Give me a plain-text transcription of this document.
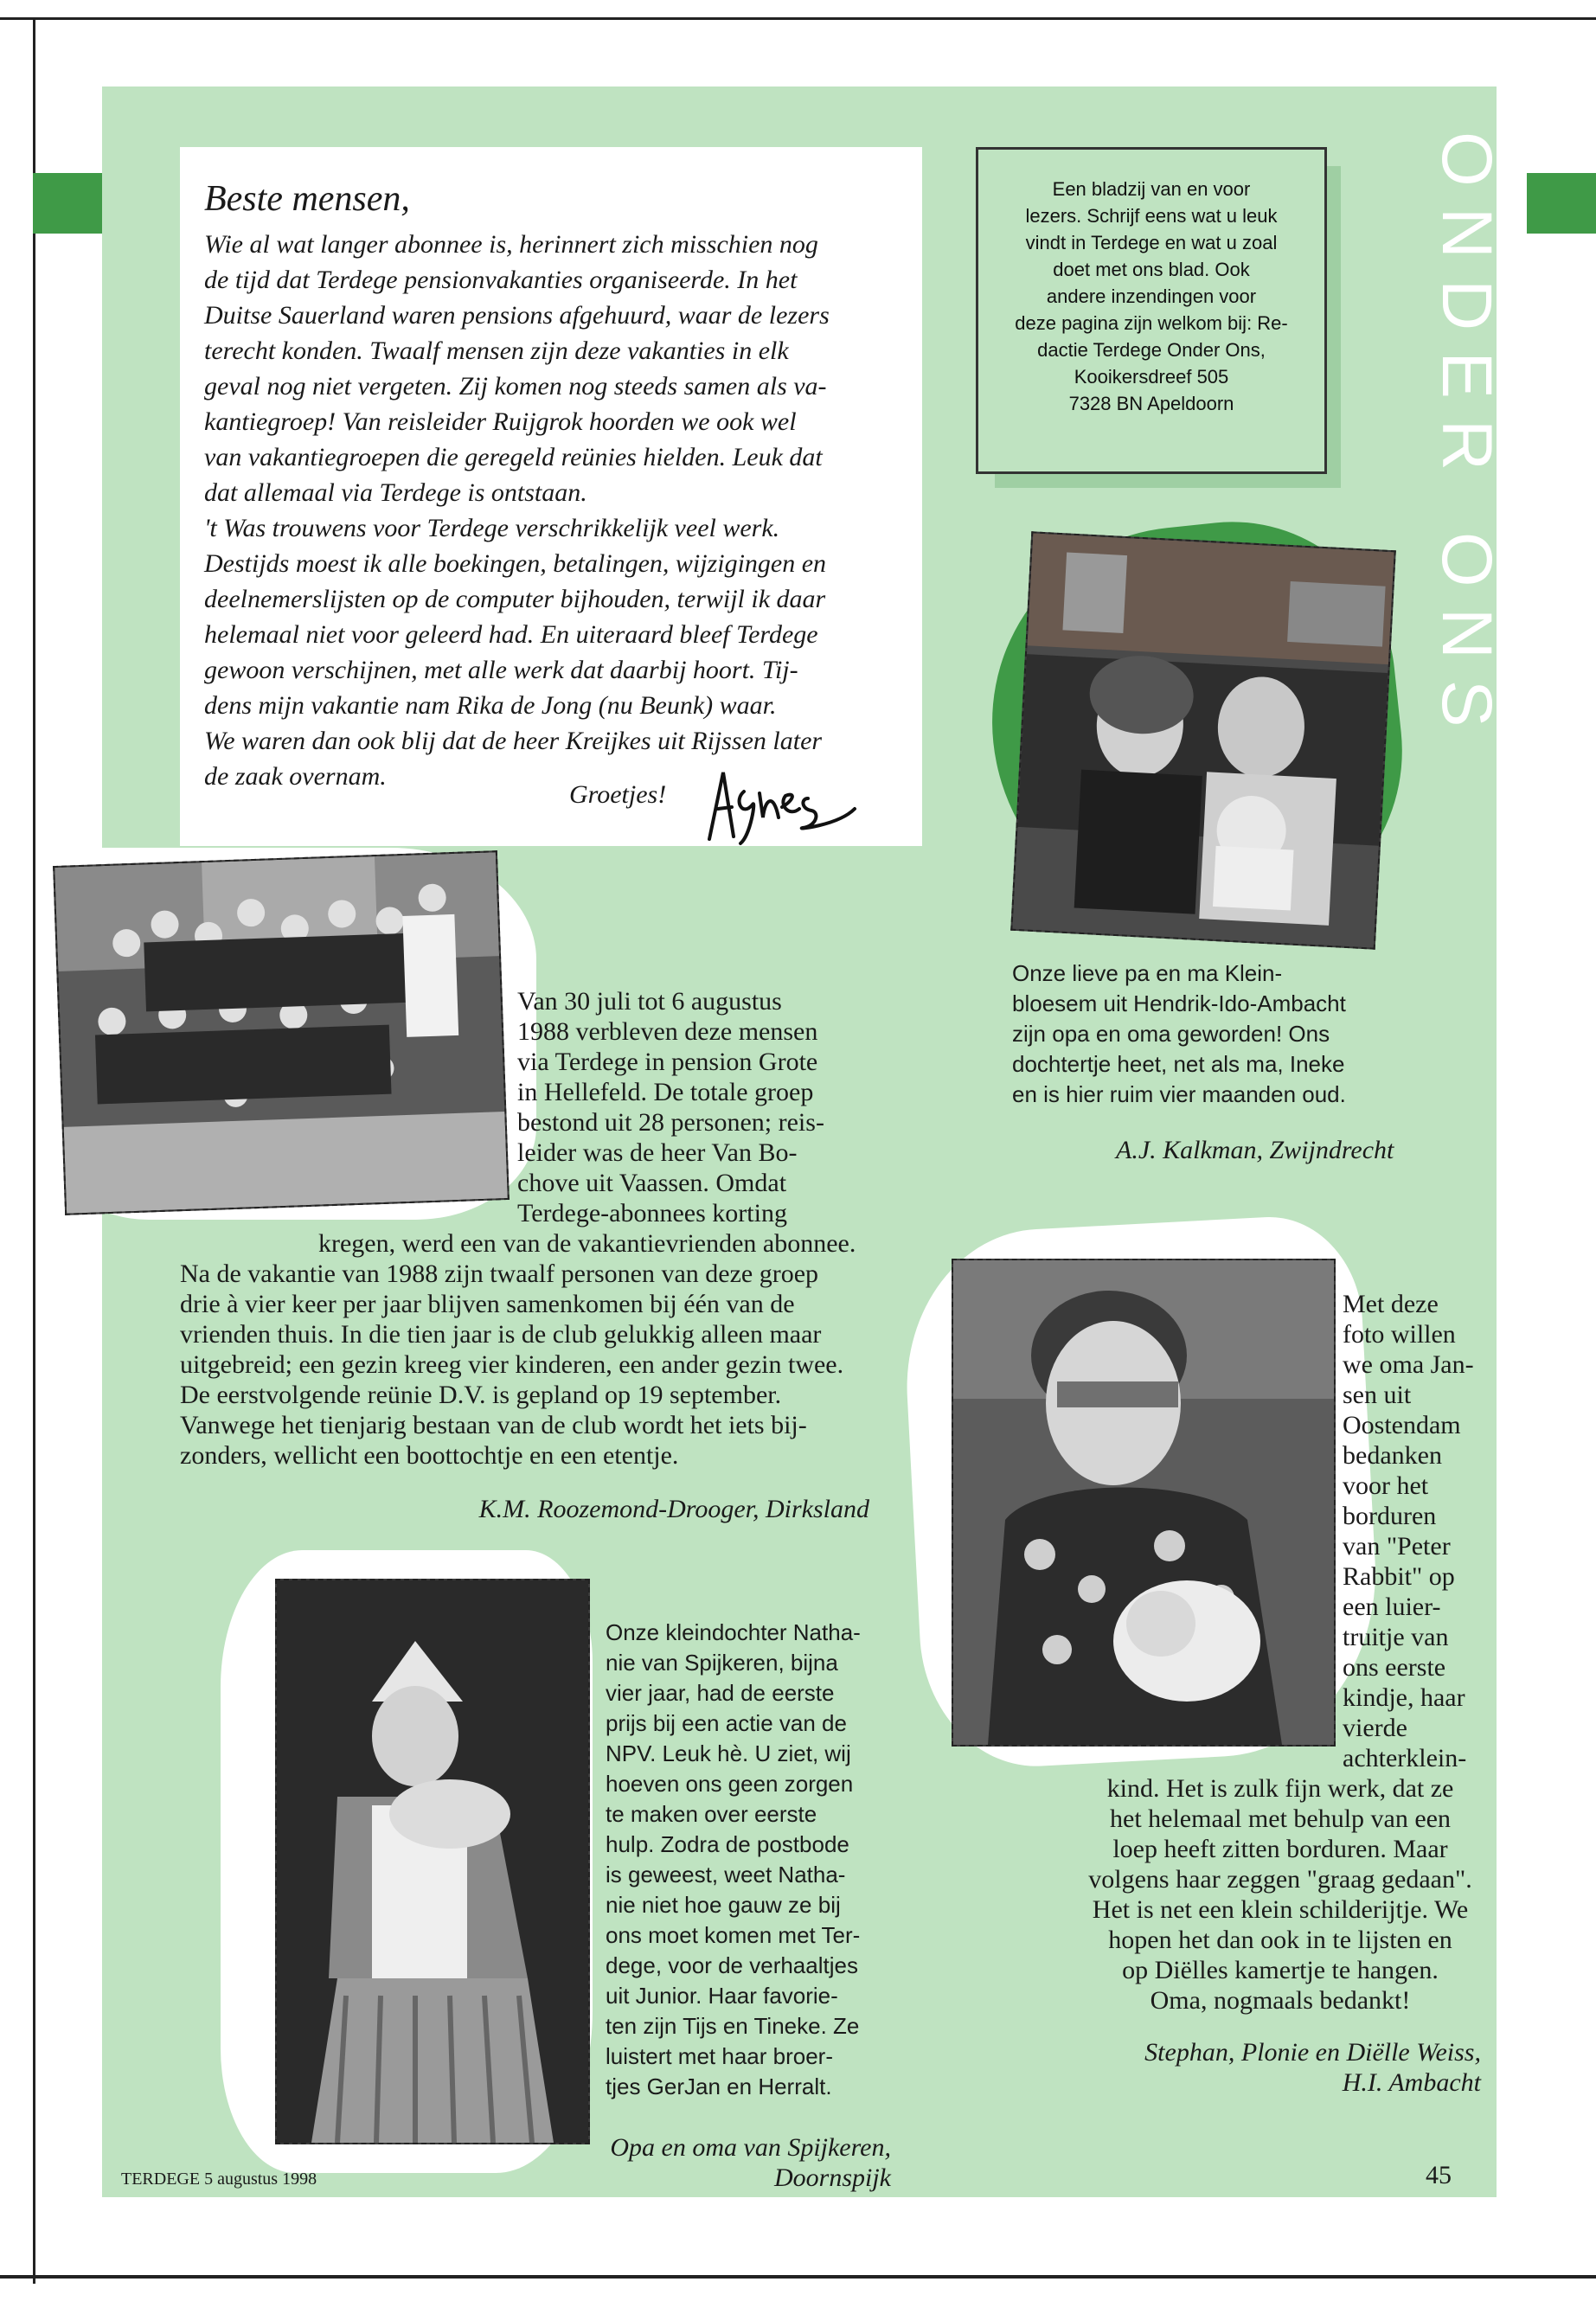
Beste mensen,

Wie al wat langer abonnee is, herinnert zich misschien nog

de tijd dat Terdege pensionvakanties organiseerde. In het

Duitse Sauerland waren pensions afgehuurd, waar de lezers

terecht konden. Twaalf mensen zijn deze vakanties in elk

geval nog niet vergeten. Zij komen nog steeds samen als va-

kantiegroep! Van reisleider Ruijgrok hoorden we ook wel

van vakantiegroepen die geregeld reünies hielden. Leuk dat

dat allemaal via Terdege is ontstaan.

't Was trouwens voor Terdege verschrikkelijk veel werk.

Destijds moest ik alle boekingen, betalingen, wijzigingen en

deelnemerslijsten op de computer bijhouden, terwijl ik daar

helemaal niet voor geleerd had. En uiteraard bleef Terdege

gewoon verschijnen, met alle werk dat daarbij hoort. Tij-

dens mijn vakantie nam Rika de Jong (nu Beunk) waar.

We waren dan ook blij dat de heer Kreijkes uit Rijssen later

de zaak overnam.

Groetjes!
Een bladzij van en voor
lezers. Schrijf eens wat u leuk
vindt in Terdege en wat u zoal
doet met ons blad. Ook
andere inzendingen voor
deze pagina zijn welkom bij: Re-
dactie Terdege Onder Ons,
Kooikersdreef 505
7328 BN Apeldoorn	ONDER ONS
Onze lieve pa en ma Klein-
bloesem uit Hendrik-Ido-Ambacht
zijn opa en oma geworden! Ons
dochtertje heet, net als ma, Ineke
en is hier ruim vier maanden oud.
A.J. Kalkman, Zwijndrecht
Van 30 juli tot 6 augustus
1988 verbleven deze mensen
via Terdege in pension Grote
in Hellefeld. De totale groep
bestond uit 28 personen; reis-
leider was de heer Van Bo-
chove uit Vaassen. Omdat
Terdege-abonnees korting
kregen, werd een van de vakantievrienden abonnee.
Na de vakantie van 1988 zijn twaalf personen van deze groep
drie à vier keer per jaar blijven samenkomen bij één van de
vrienden thuis. In die tien jaar is de club gelukkig alleen maar
uitgebreid; een gezin kreeg vier kinderen, een ander gezin twee.
De eerstvolgende reünie D.V. is gepland op 19 september.
Vanwege het tienjarig bestaan van de club wordt het iets bij-
zonders, wellicht een boottochtje en een etentje.
K.M. Roozemond-Drooger, Dirksland
Met deze
foto willen
we oma Jan-
sen uit
Oostendam
bedanken
voor het
borduren
van "Peter
Rabbit" op
een luier-
truitje van
ons eerste
kindje, haar
vierde
achterklein-
kind. Het is zulk fijn werk, dat ze
het helemaal met behulp van een
loep heeft zitten borduren. Maar
volgens haar zeggen "graag gedaan".
Het is net een klein schilderijtje. We
hopen het dan ook in te lijsten en
op Diëlles kamertje te hangen.
Oma, nogmaals bedankt!
Stephan, Plonie en Diëlle Weiss,
H.I. Ambacht
Onze kleindochter Natha-
nie van Spijkeren, bijna
vier jaar, had de eerste
prijs bij een actie van de
NPV. Leuk hè. U ziet, wij
hoeven ons geen zorgen
te maken over eerste
hulp. Zodra de postbode
is geweest, weet Natha-
nie niet hoe gauw ze bij
ons moet komen met Ter-
dege, voor de verhaaltjes
uit Junior. Haar favorie-
ten zijn Tijs en Tineke. Ze
luistert met haar broer-
tjes GerJan en Herralt.
Opa en oma van Spijkeren,
Doornspijk
TERDEGE 5 augustus 1998	45
